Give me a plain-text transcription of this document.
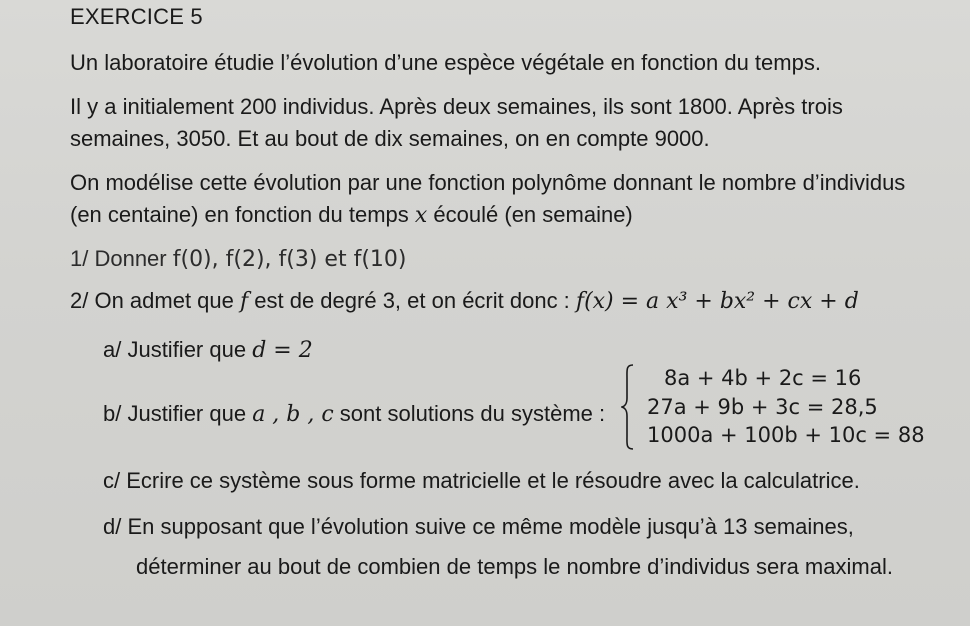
EXERCICE 5
Un laboratoire étudie l’évolution d’une espèce végétale en fonction du temps.
Il y a initialement 200 individus. Après deux semaines, ils sont 1800. Après trois
semaines, 3050. Et au bout de dix semaines, on en compte 9000.
On modélise cette évolution par une fonction polynôme donnant le nombre d’individus
(en centaine) en fonction du temps x écoulé (en semaine)
1/ Donner f(0), f(2), f(3) et f(10)
2/ On admet que f est de degré 3, et on écrit donc : f(x) = a x³ + bx² + cx + d
a/ Justifier que d = 2
b/ Justifier que a , b , c sont solutions du système :
8a + 4b + 2c = 16
27a + 9b + 3c = 28,5
1000a + 100b + 10c = 88
c/ Ecrire ce système sous forme matricielle et le résoudre avec la calculatrice.
d/ En supposant que l’évolution suive ce même modèle jusqu’à 13 semaines,
déterminer au bout de combien de temps le nombre d’individus sera maximal.
